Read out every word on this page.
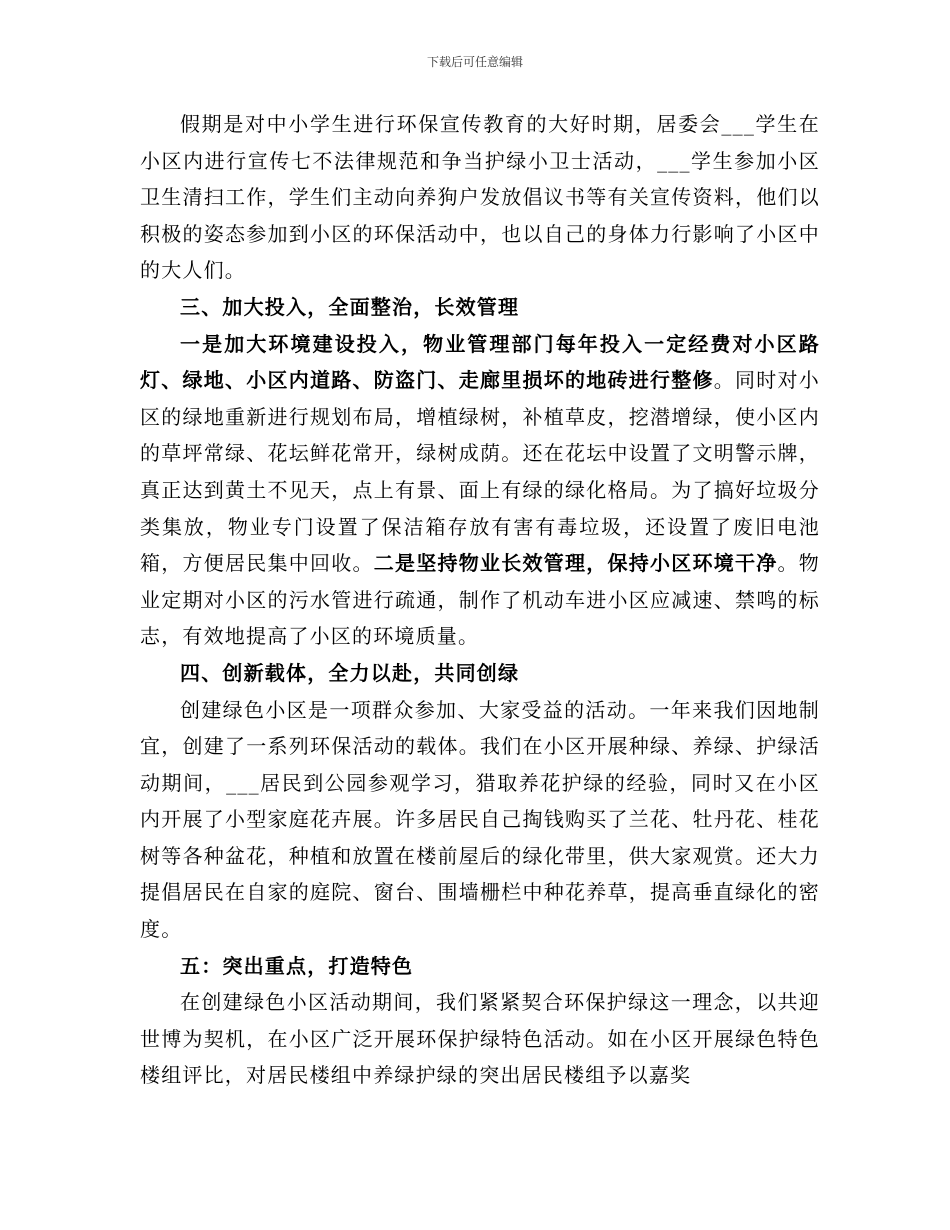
下载后可任意编辑

假期是对中小学生进行环保宣传教育的大好时期，居委会___学生在小区内进行宣传七不法律规范和争当护绿小卫士活动，___学生参加小区卫生清扫工作，学生们主动向养狗户发放倡议书等有关宣传资料，他们以积极的姿态参加到小区的环保活动中，也以自己的身体力行影响了小区中的大人们。

三、加大投入，全面整治，长效管理

一是加大环境建设投入，物业管理部门每年投入一定经费对小区路灯、绿地、小区内道路、防盗门、走廊里损坏的地砖进行整修。同时对小区的绿地重新进行规划布局，增植绿树，补植草皮，挖潜增绿，使小区内的草坪常绿、花坛鲜花常开，绿树成荫。还在花坛中设置了文明警示牌，真正达到黄土不见天，点上有景、面上有绿的绿化格局。为了搞好垃圾分类集放，物业专门设置了保洁箱存放有害有毒垃圾，还设置了废旧电池箱，方便居民集中回收。二是坚持物业长效管理，保持小区环境干净。物业定期对小区的污水管进行疏通，制作了机动车进小区应减速、禁鸣的标志，有效地提高了小区的环境质量。

四、创新载体，全力以赴，共同创绿

创建绿色小区是一项群众参加、大家受益的活动。一年来我们因地制宜，创建了一系列环保活动的载体。我们在小区开展种绿、养绿、护绿活动期间，___居民到公园参观学习，猎取养花护绿的经验，同时又在小区内开展了小型家庭花卉展。许多居民自己掏钱购买了兰花、牡丹花、桂花树等各种盆花，种植和放置在楼前屋后的绿化带里，供大家观赏。还大力提倡居民在自家的庭院、窗台、围墙栅栏中种花养草，提高垂直绿化的密度。

五：突出重点，打造特色

在创建绿色小区活动期间，我们紧紧契合环保护绿这一理念，以共迎世博为契机，在小区广泛开展环保护绿特色活动。如在小区开展绿色特色楼组评比，对居民楼组中养绿护绿的突出居民楼组予以嘉奖
